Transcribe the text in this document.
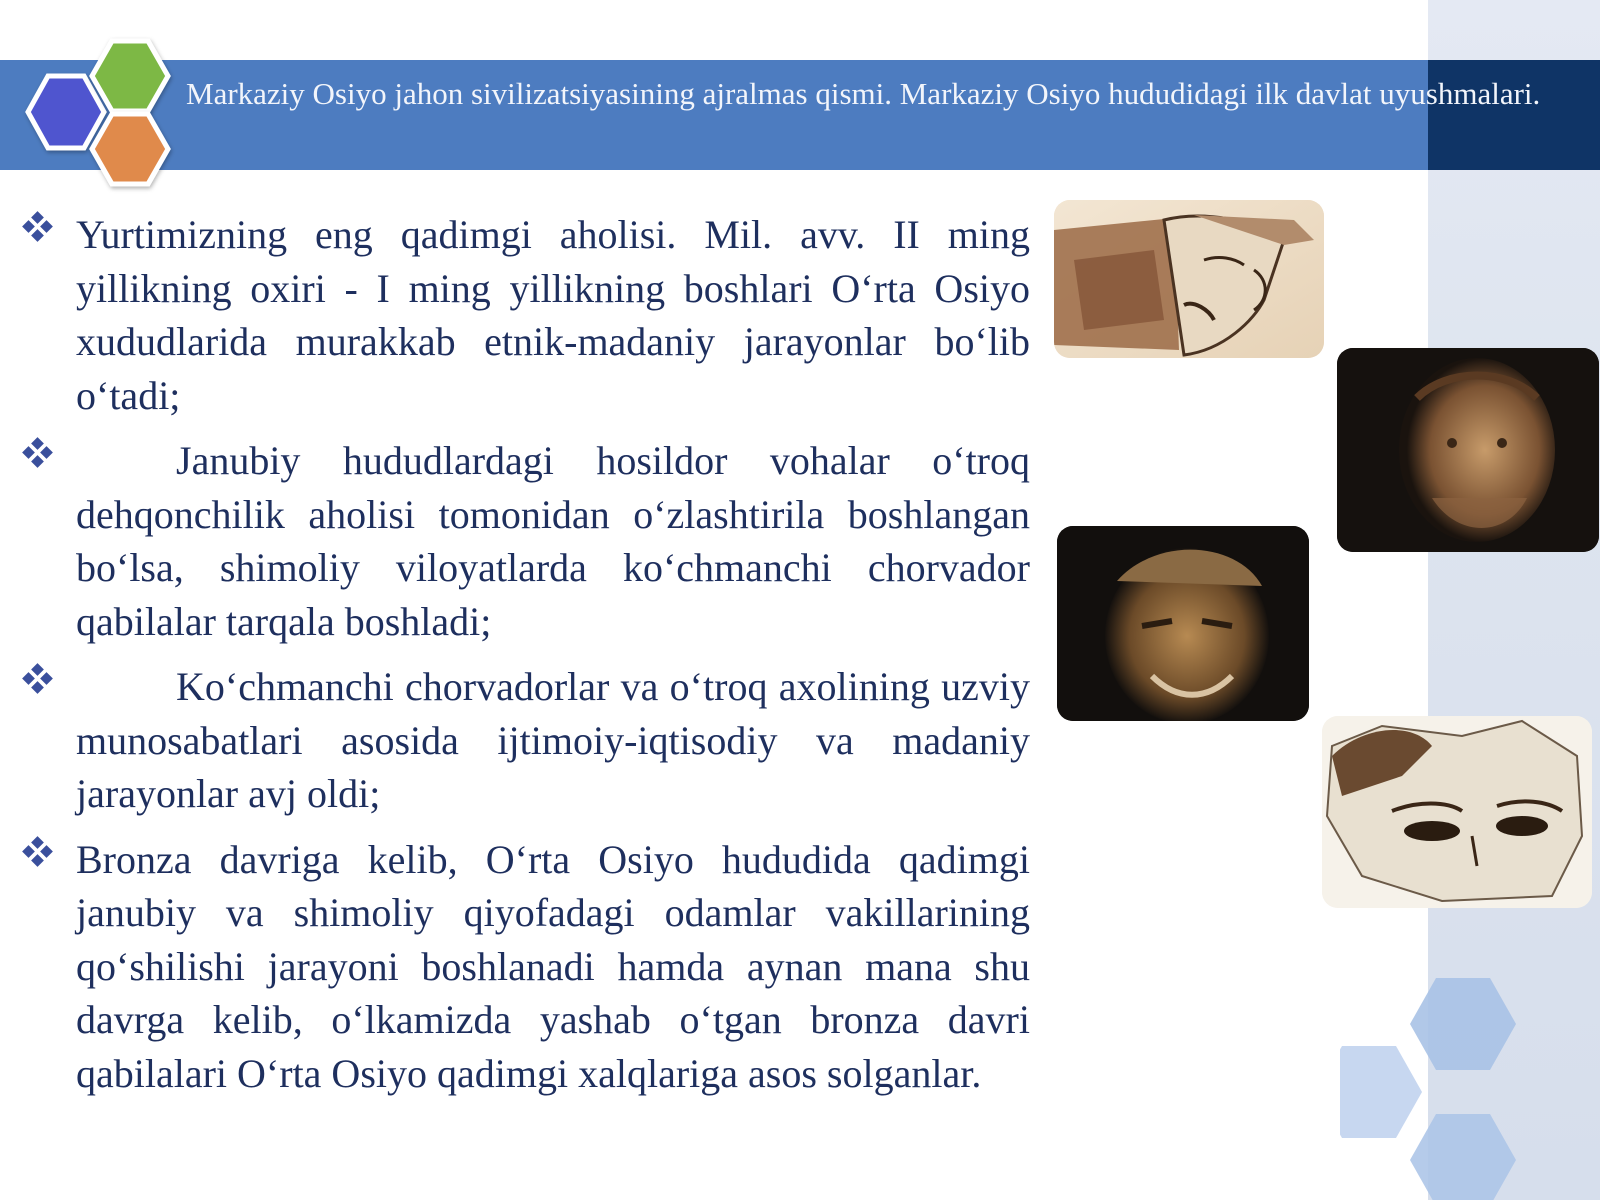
Markaziy Osiyo jahon sivilizatsiyasining ajralmas qismi. Markaziy Osiyo hududidagi ilk davlat uyushmalari.
Yurtimizning eng qadimgi aholisi. Mil. avv. II ming yillikning oxiri - I ming yillikning boshlari O‘rta Osiyo xududlarida murakkab etnik-madaniy jarayonlar bo‘lib o‘tadi;
Janubiy hududlardagi hosildor vohalar o‘troq dehqonchilik aholisi tomonidan o‘zlashtirila boshlangan bo‘lsa, shimoliy viloyatlarda ko‘chmanchi chorvador qabilalar tarqala boshladi;
Ko‘chmanchi chorvadorlar va o‘troq axolining uzviy munosabatlari asosida ijtimoiy-iqtisodiy va madaniy jarayonlar avj oldi;
Bronza davriga kelib, O‘rta Osiyo hududida qadimgi janubiy va shimoliy qiyofadagi odamlar vakillarining qo‘shilishi jarayoni boshlanadi hamda aynan mana shu davrga kelib, o‘lkamizda yashab o‘tgan bronza davri qabilalari O‘rta Osiyo qadimgi xalqlariga asos solganlar.
